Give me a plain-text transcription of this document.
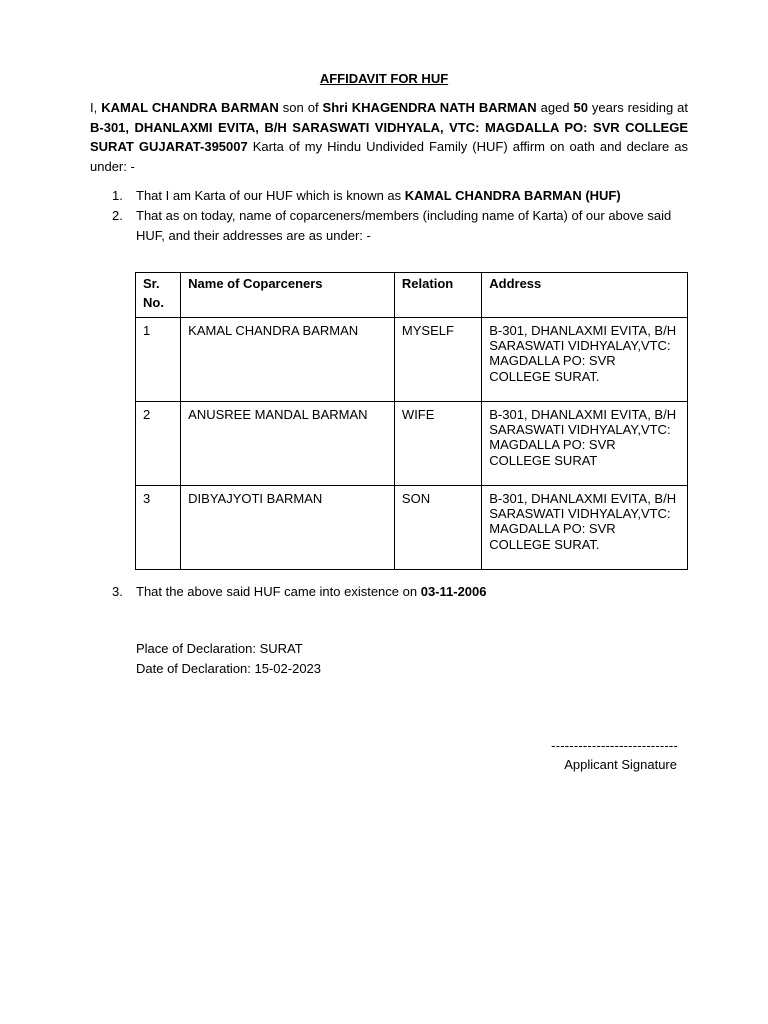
AFFIDAVIT FOR HUF
I, KAMAL CHANDRA BARMAN son of Shri KHAGENDRA NATH BARMAN aged 50 years residing at B-301, DHANLAXMI EVITA, B/H SARASWATI VIDHYALA, VTC: MAGDALLA PO: SVR COLLEGE SURAT GUJARAT-395007 Karta of my Hindu Undivided Family (HUF) affirm on oath and declare as under: -
1. That I am Karta of our HUF which is known as KAMAL CHANDRA BARMAN (HUF)
2. That as on today, name of coparceners/members (including name of Karta) of our above said HUF, and their addresses are as under: -
Sr. No.	Name of Coparceners	Relation	Address
1	KAMAL CHANDRA BARMAN	MYSELF	B-301, DHANLAXMI EVITA, B/H SARASWATI VIDHYALAY,VTC: MAGDALLA PO: SVR COLLEGE SURAT.
2	ANUSREE MANDAL BARMAN	WIFE	B-301, DHANLAXMI EVITA, B/H SARASWATI VIDHYALAY,VTC: MAGDALLA PO: SVR COLLEGE SURAT
3	DIBYAJYOTI BARMAN	SON	B-301, DHANLAXMI EVITA, B/H SARASWATI VIDHYALAY,VTC: MAGDALLA PO: SVR COLLEGE SURAT.
3. That the above said HUF came into existence on 03-11-2006
Place of Declaration: SURAT
Date of Declaration: 15-02-2023
----------------------------
Applicant Signature
